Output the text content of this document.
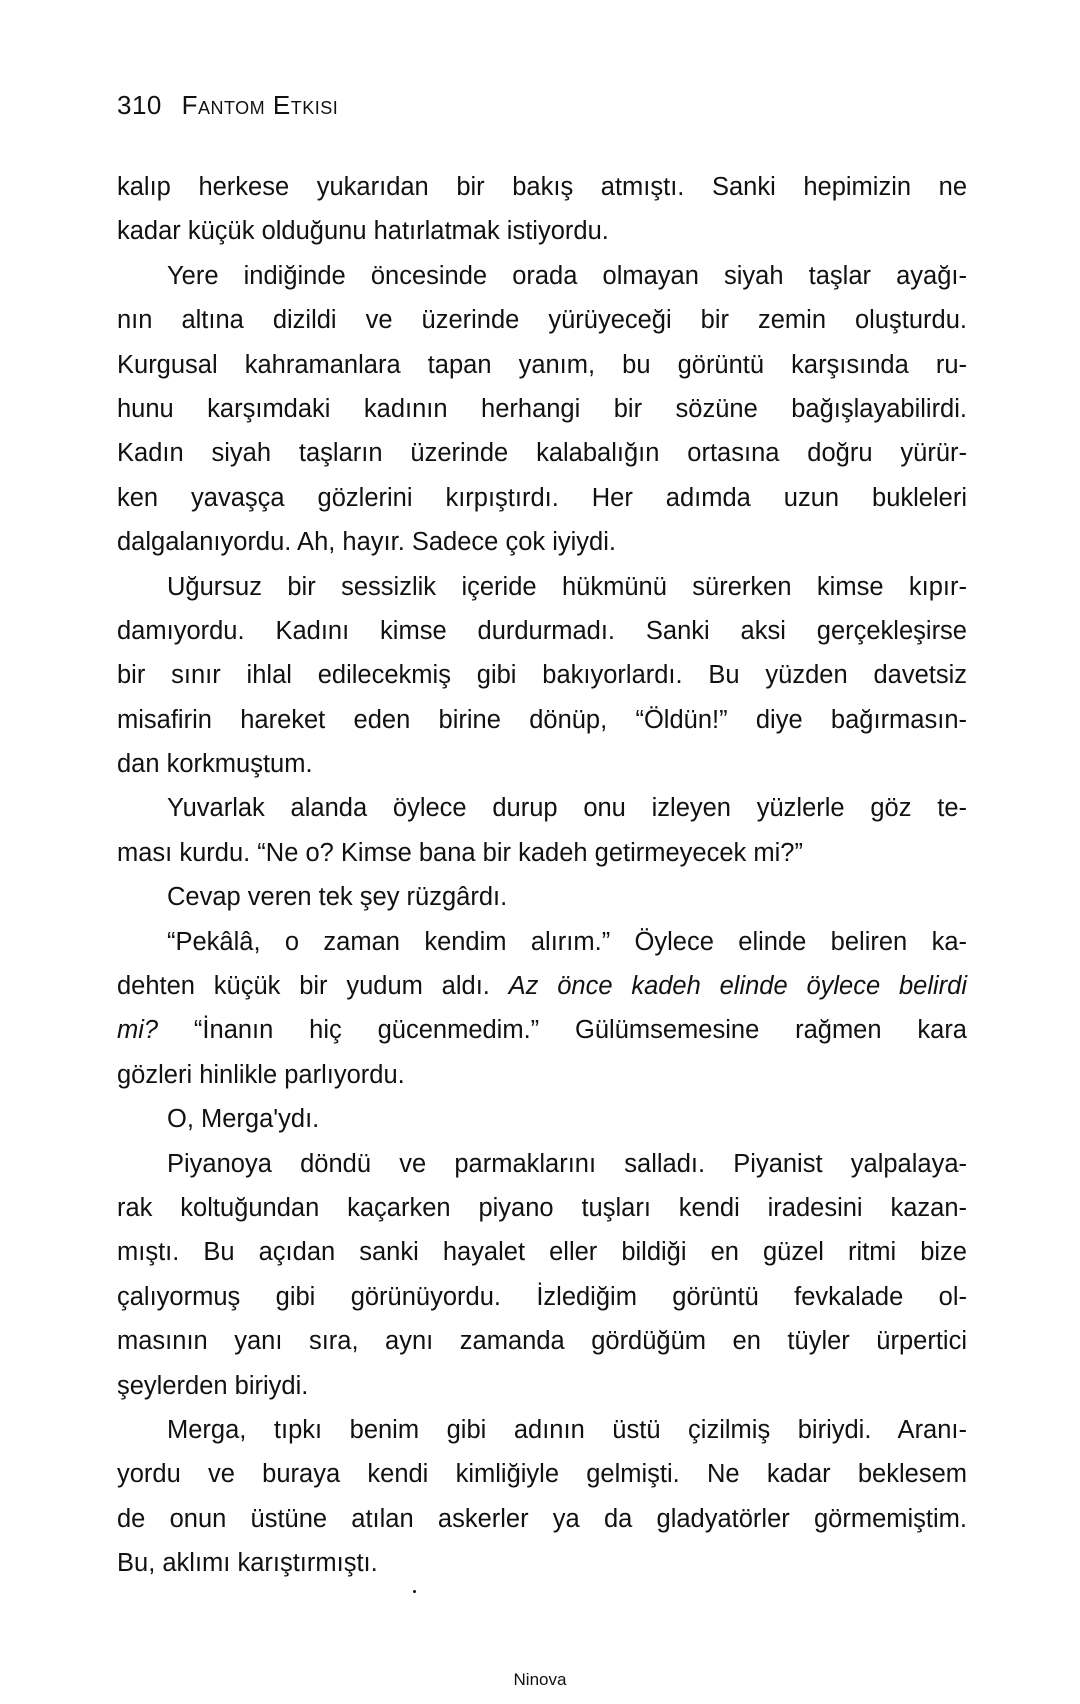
310 Fantom Etkisi
kalıp herkese yukarıdan bir bakış atmıştı. Sanki hepimizin ne
kadar küçük olduğunu hatırlatmak istiyordu.
Yere indiğinde öncesinde orada olmayan siyah taşlar ayağı-
nın altına dizildi ve üzerinde yürüyeceği bir zemin oluşturdu.
Kurgusal kahramanlara tapan yanım, bu görüntü karşısında ru-
hunu karşımdaki kadının herhangi bir sözüne bağışlayabilirdi.
Kadın siyah taşların üzerinde kalabalığın ortasına doğru yürür-
ken yavaşça gözlerini kırpıştırdı. Her adımda uzun bukleleri
dalgalanıyordu. Ah, hayır. Sadece çok iyiydi.
Uğursuz bir sessizlik içeride hükmünü sürerken kimse kıpır-
damıyordu. Kadını kimse durdurmadı. Sanki aksi gerçekleşirse
bir sınır ihlal edilecekmiş gibi bakıyorlardı. Bu yüzden davetsiz
misafirin hareket eden birine dönüp, “Öldün!” diye bağırmasın-
dan korkmuştum.
Yuvarlak alanda öylece durup onu izleyen yüzlerle göz te-
ması kurdu. “Ne o? Kimse bana bir kadeh getirmeyecek mi?”
Cevap veren tek şey rüzgârdı.
“Pekâlâ, o zaman kendim alırım.” Öylece elinde beliren ka-
dehten küçük bir yudum aldı. Az önce kadeh elinde öylece belirdi
mi? “İnanın hiç gücenmedim.” Gülümsemesine rağmen kara
gözleri hinlikle parlıyordu.
O, Merga'ydı.
Piyanoya döndü ve parmaklarını salladı. Piyanist yalpalaya-
rak koltuğundan kaçarken piyano tuşları kendi iradesini kazan-
mıştı. Bu açıdan sanki hayalet eller bildiği en güzel ritmi bize
çalıyormuş gibi görünüyordu. İzlediğim görüntü fevkalade ol-
masının yanı sıra, aynı zamanda gördüğüm en tüyler ürpertici
şeylerden biriydi.
Merga, tıpkı benim gibi adının üstü çizilmiş biriydi. Aranı-
yordu ve buraya kendi kimliğiyle gelmişti. Ne kadar beklesem
de onun üstüne atılan askerler ya da gladyatörler görmemiştim.
Bu, aklımı karıştırmıştı.
Ninova
